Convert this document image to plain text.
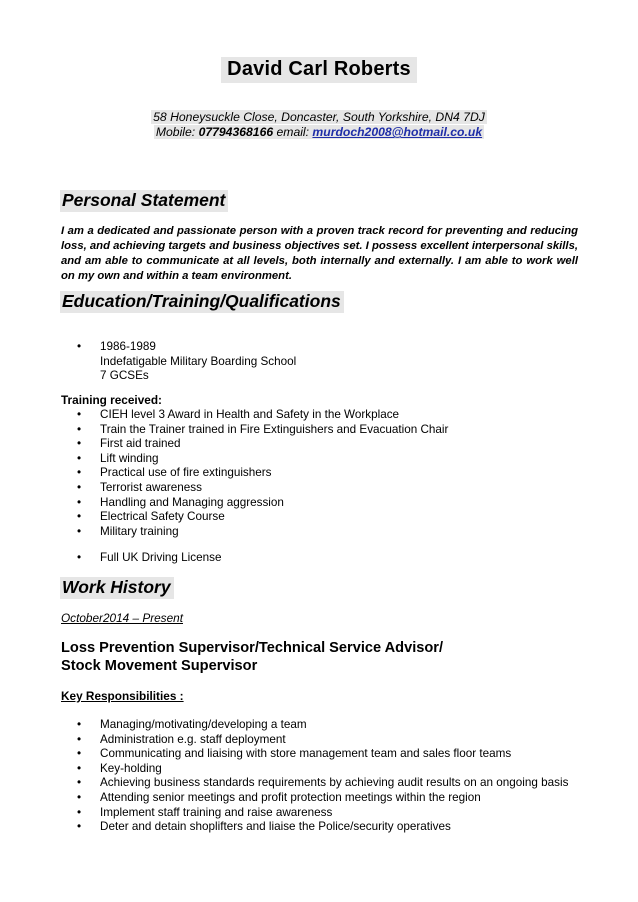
David Carl Roberts
58 Honeysuckle Close, Doncaster, South Yorkshire, DN4 7DJ
Mobile: 07794368166 email: murdoch2008@hotmail.co.uk
Personal Statement
I am a dedicated and passionate person with a proven track record for preventing and reducing loss, and achieving targets and business objectives set. I possess excellent interpersonal skills, and am able to communicate at all levels, both internally and externally. I am able to work well on my own and within a team environment.
Education/Training/Qualifications
• 1986-1989
Indefatigable Military Boarding School
7 GCSEs
Training received:
• CIEH level 3 Award in Health and Safety in the Workplace
• Train the Trainer trained in Fire Extinguishers and Evacuation Chair
• First aid trained
• Lift winding
• Practical use of fire extinguishers
• Terrorist awareness
• Handling and Managing aggression
• Electrical Safety Course
• Military training
• Full UK Driving License
Work History
October2014 – Present
Loss Prevention Supervisor/Technical Service Advisor/
Stock Movement Supervisor
Key Responsibilities :
• Managing/motivating/developing a team
• Administration e.g. staff deployment
• Communicating and liaising with store management team and sales floor teams
• Key-holding
• Achieving business standards requirements by achieving audit results on an ongoing basis
• Attending senior meetings and profit protection meetings within the region
• Implement staff training and raise awareness
• Deter and detain shoplifters and liaise the Police/security operatives
